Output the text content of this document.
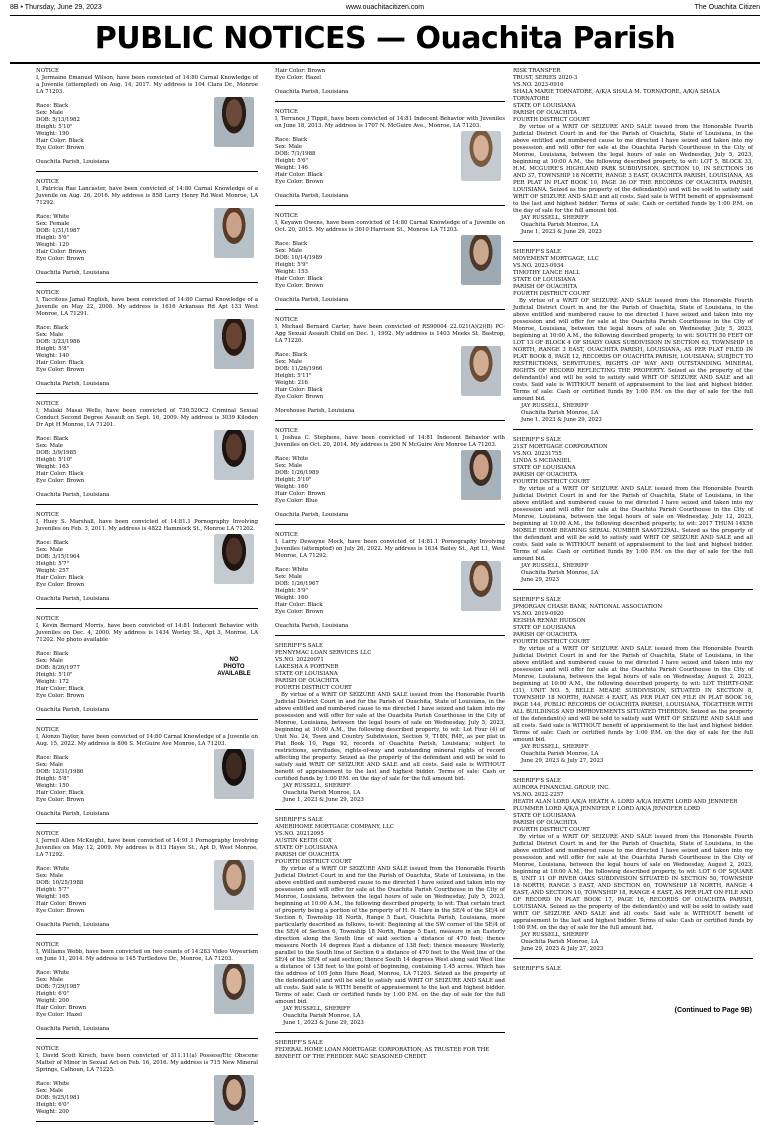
8B • Thursday, June 29, 2023	www.ouachitacitizen.com	The Ouachita Citizen
PUBLIC NOTICES — Ouachita Parish
NOTICE
I, Jermaine Emanuel Wilson, have been convicted of 14:80 Carnal Knowledge of a Juvenile (attempted) on Aug. 14, 2017. My address is 104 Clara Dr., Monroe LA 71203.
Race: Black
Sex: Male
DOB: 5/13/1982
Height: 5'10"
Weight: 190
Hair Color: Black
Eye Color: Brown
Ouachita Parish, Louisiana
NOTICE
I, Patricia Rae Lancaster, have been convicted of 14:80 Carnal Knowledge of a Juvenile on Aug. 26, 2016. My address is 858 Larry Henry Rd West Monroe, LA 71292.
Race: White
Sex: Female
DOB: 1/31/1987
Height: 5'6"
Weight: 120
Hair Color: Brown
Eye Color: Brown
Ouachita Parish, Louisiana
NOTICE
I, Taccitous Jamal English, have been convicted of 14:80 Carnal Knowledge of a Juvenile on May 22, 2008. My address is 1616 Arkansas Rd Apt 133 West Monroe, LA 71291.
Race: Black
Sex: Male
DOB: 3/23/1986
Height: 5'8"
Weight: 140
Hair Color: Black
Eye Color: Brown
Ouachita Parish, Louisiana
NOTICE
I, Malaki Masai Wells, have been convicted of 730.520C2 Criminal Sexual Conduct Second Degree Assault on Sept. 16, 2009. My address is 3039 Kiloden Dr Apt H Monroe, LA 71201.
Race: Black
Sex: Male
DOB: 3/9/1985
Height: 5'10"
Weight: 163
Hair Color: Black
Eye Color: Brown
Ouachita Parish, Louisiana
NOTICE
I, Huey S. Marshall, have been convicted of 14:81.1 Pornography Involving Juveniles on Feb. 3, 2011. My address is 4822 Hammock St., Monroe LA 71202.
Race: Black
Sex: Male
DOB: 3/15/1964
Height: 5'7"
Weight: 257
Hair Color: Black
Eye Color: Brown
Ouachita Parish, Louisiana
NOTICE
I, Kevin Bernard Morris, have been convicted of 14:81 Indecent Behavior with Juveniles on Dec. 4, 2000. My address is 1434 Worley St., Apt 3, Monroe, LA 71202. No photo available
Race: Black
Sex: Male
DOB: 8/26/1977
Height: 5'10"
Weight: 172
Hair Color: Black
Eye Color: Brown
NO
PHOTO
AVAILABLE
Ouachita Parish, Louisiana
NOTICE
I, Alonzo Taylor, have been convicted of 14:80 Carnal Knowledge of a Juvenile on Aug. 15, 2022. My address is 806 S. McGuire Ave Monroe, LA 71203.
Race: Black
Sex: Male
DOB: 12/31/1986
Height: 5'8"
Weight: 150
Hair Color: Black
Eye Color: Brown
Ouachita Parish, Louisiana
NOTICE
I, Jerrell Allen McKnight, have been convicted of 14:91.1 Pornography Involving Juveniles on May 12, 2009. My address is 813 Hayes St., Apt D, West Monroe, LA 71292.
Race: White
Sex: Male
DOB: 10/25/1988
Height: 5'7"
Weight: 165
Hair Color: Brown
Eye Color: Brown
Ouachita Parish, Louisiana
NOTICE
I, Williams Webb, have been convicted on two counts of 14:283 Video Voyeurism on June 11, 2014. My address is 145 Turtledove Dr., Monroe, LA 71203.
Race: White
Sex: Male
DOB: 7/29/1987
Height: 6'0"
Weight: 200
Hair Color: Brown
Eye Color: Hazel
Ouachita Parish, Louisiana
NOTICE
I, David Scott Kirsch, have been convicted of 311.11(a) Possess/Etc Obscene Matter of Minor in Sexual Act on Feb. 16, 2016. My address is 715 New Mineral Springs, Calhoun, LA 71225.
Race: White
Sex: Male
DOB: 9/25/1981
Height: 6'0"
Weight: 200
Hair Color: Brown
Eye Color: Hazel
Ouachita Parish, Louisiana
NOTICE
I, Terrance J Tippit, have been convicted of 14:81 Indecent Behavior with Juveniles on June 18, 2013. My address is 1707 N. McGuire Ave., Monroe, LA 71203.
Race: Black
Sex: Male
DOB: 7/1/1988
Height: 5'6"
Weight: 146
Hair Color: Black
Eye Color: Brown
Ouachita Parish, Louisiana
NOTICE
I, Keyawn Owens, have been convicted of 14:80 Carnal Knowledge of a Juvenile on Oct. 20, 2015. My address is 3610 Harrison St., Monroe LA 71203.
Race: Black
Sex: Male
DOB: 10/14/1989
Height: 5'9"
Weight: 153
Hair Color: Black
Eye Color: Brown
Ouachita Parish, Louisiana
NOTICE
I, Michael Bernard Carter, have been convicted of RS90004 22.021(A)(2)(B) PC-Agg Sexual Assault Child on Dec. 1, 1992. My address is 1403 Meeks St. Bastrop, LA 71220.
Race: Black
Sex: Male
DOB: 11/26/1966
Height: 5'11"
Weight: 216
Hair Color: Black
Eye Color: Brown
Morehouse Parish, Louisiana
NOTICE
I, Joshua C. Stephens, have been convicted of 14:81 Indecent Behavior with Juveniles on Oct. 20, 2014. My address is 200 N McGuire Ave Monroe LA 71203.
Race: White
Sex: Male
DOB: 1/26/1989
Height: 5'10"
Weight: 160
Hair Color: Brown
Eye Color: Blue
Ouachita Parish, Louisiana
NOTICE
I, Larry Dewayne Mock, have been convicted of 14:81.1 Pornography Involving Juveniles (attempted) on July 26, 2022. My address is 1634 Bailey St., Apt L1, West Monroe, LA 71292.
Race: White
Sex: Male
DOB: 1/26/1967
Height: 5'9"
Weight: 160
Hair Color: Black
Eye Color: Brown
Ouachita Parish, Louisiana
SHERIFF'S SALE
PENNYMAC LOAN SERVICES LLC
VS.NO. 20220071
LAKESHA A PORTNER
STATE OF LOUISIANA
PARISH OF OUACHITA
FOURTH DISTRICT COURT
By virtue of a WRIT OF SEIZURE AND SALE issued from the Honorable Fourth Judicial District Court in and for the Parish of Ouachita, State of Louisiana, in the above entitled and numbered cause to me directed I have seized and taken into my possession and will offer for sale at the Ouachita Parish Courthouse in the City of Monroe, Louisiana, between the legal hours of sale on Wednesday, July 5, 2023, beginning at 10:00 A.M., the following described property, to wit: Lot Four (4) of Unit No. 24, Town and Country Subdivision, Section 9, T18N, R4E, as per plat in Plat Book 10, Page 92, records of Ouachita Parish, Louisiana; subject to restrictions, servitudes, rights-of-way and outstanding mineral rights of record affecting the property. Seized as the property of the defendant and will be sold to satisfy said WRIT OF SEIZURE AND SALE and all costs. Said sale is WITHOUT benefit of appraisement to the last and highest bidder. Terms of sale: Cash or certified funds by 1:00 P.M. on the day of sale for the full amount bid.
JAY RUSSELL, SHERIFF
Ouachita Parish Monroe, LA
June 1, 2023 & June 29, 2023
SHERIFF'S SALE
AMERIHOME MORTGAGE COMPANY, LLC
VS.NO. 20212095
AUSTIN KEITH COX
STATE OF LOUISIANA
PARISH OF OUACHITA
FOURTH DISTRICT COURT
By virtue of a WRIT OF SEIZURE AND SALE issued from the Honorable Fourth Judicial District Court in and for the Parish of Ouachita, State of Louisiana, in the above entitled and numbered cause to me directed I have seized and taken into my possession and will offer for sale at the Ouachita Parish Courthouse in the City of Monroe, Louisiana, between the legal hours of sale on Wednesday, July 5, 2023, beginning at 10:00 A.M., the following described property, to wit: That certain tract of property being a portion of the property of H. N. Hare in the SE/4 of the SE/4 of Section 6, Township 18 North, Range 5 East, Ouachita Parish, Louisiana, more particularly described as follows, to-wit: Beginning at the SW corner of the SE/4 of the SE/4 of Section 6, Township 18 North, Range 5 East, measure in an Easterly direction along the South line of said section a distance of 470 feet; thence measure North 14 degrees East a distance of 138 feet; thence measure Westerly, parallel to the South line of Section 6 a distance of 470 feet to the West line of the SE/4 of the SE/4 of said section; thence South 14 degrees West along said West line a distance of 138 feet to the point of beginning, containing 1.45 acres. Which has the address of 105 John Hare Road, Monroe, LA 71203. Seized as the property of the defendant(s) and will be sold to satisfy said WRIT OF SEIZURE AND SALE and all costs. Said sale is WITH benefit of appraisement to the last and highest bidder. Terms of sale: Cash or certified funds by 1:00 P.M. on the day of sale for the full amount bid.
JAY RUSSELL, SHERIFF
Ouachita Parish Monroe, LA
June 1, 2023 & June 29, 2023
SHERIFF'S SALE
FEDERAL HOME LOAN MORTGAGE CORPORATION, AS TRUSTEE FOR THE BENEFIT OF THE FREDDIE MAC SEASONED CREDIT
RISK TRANSFER
TRUST, SERIES 2020-3
VS.NO. 2023-0916
SHALA MARIE TORNATORE, A/K/A SHALA M. TORNATORE, A/K/A SHALA TORNATORE
STATE OF LOUISIANA
PARISH OF OUACHITA
FOURTH DISTRICT COURT
By virtue of a WRIT OF SEIZURE AND SALE issued from the Honorable Fourth Judicial District Court in and for the Parish of Ouachita, State of Louisiana, in the above entitled and numbered cause to me directed I have seized and taken into my possession and will offer for sale at the Ouachita Parish Courthouse in the City of Monroe, Louisiana, between the legal hours of sale on Wednesday, July 5, 2023, beginning at 10:00 A.M., the following described property, to wit: LOT 5, BLOCK 33, H.M. MCGUIRE'S HIGHLAND PARK SUBDIVISION, SECTION 10, IN SECTIONS 36 AND 37, TOWNSHIP 18 NORTH, RANGE 3 EAST, OUACHITA PARISH, LOUISIANA, AS PER PLAT IN PLAT BOOK 10, PAGE 36 OF THE RECORDS OF OUACHITA PARISH, LOUISIANA. Seized as the property of the defendant(s) and will be sold to satisfy said WRIT OF SEIZURE AND SALE and all costs. Said sale is WITH benefit of appraisement to the last and highest bidder. Terms of sale: Cash or certified funds by 1:00 P.M. on the day of sale for the full amount bid.
JAY RUSSELL, SHERIFF
Ouachita Parish Monroe, LA
June 1, 2023 & June 29, 2023
SHERIFF'S SALE
MOVEMENT MORTGAGE, LLC
VS.NO. 2023-0934
TIMOTHY LANCE HALL
STATE OF LOUISIANA
PARISH OF OUACHITA
FOURTH DISTRICT COURT
By virtue of a WRIT OF SEIZURE AND SALE issued from the Honorable Fourth Judicial District Court in and for the Parish of Ouachita, State of Louisiana, in the above entitled and numbered cause to me directed I have seized and taken into my possession and will offer for sale at the Ouachita Parish Courthouse in the City of Monroe, Louisiana, between the legal hours of sale on Wednesday, July 5, 2023, beginning at 10:00 A.M., the following described property, to wit: SOUTH 50 FEET OF LOT 13 OF BLOCK 4 OF SHADY OAKS SUBDIVISION IN SECTION 63, TOWNSHIP 18 NORTH, RANGE 3 EAST, OUACHITA PARISH, LOUISIANA, AS PER PLAT FILED IN PLAT BOOK 8, PAGE 12, RECORDS OF OUACHITA PARISH, LOUISIANA; SUBJECT TO RESTRICTIONS, SERVITUDES, RIGHTS OF WAY AND OUTSTANDING MINERAL RIGHTS OF RECORD REFLECTING THE PROPERTY. Seized as the property of the defendant(s) and will be sold to satisfy said WRIT OF SEIZURE AND SALE and all costs. Said sale is WITHOUT benefit of appraisement to the last and highest bidder. Terms of sale: Cash or certified funds by 1:00 P.M. on the day of sale for the full amount bid.
JAY RUSSELL, SHERIFF
Ouachita Parish Monroe, LA
June 1, 2023 & June 29, 2023
SHERIFF'S SALE
21ST MORTGAGE CORPORATION
VS.NO. 20231755
LINDA S MCDANIEL
STATE OF LOUISIANA
PARISH OF OUACHITA
FOURTH DISTRICT COURT
By virtue of a WRIT OF SEIZURE AND SALE issued from the Honorable Fourth Judicial District Court in and for the Parish of Ouachita, State of Louisiana, in the above entitled and numbered cause to me directed I have seized and taken into my possession and will offer for sale at the Ouachita Parish Courthouse in the City of Monroe, Louisiana, between the legal hours of sale on Wednesday, July 12, 2023, beginning at 10:00 A.M., the following described property, to wit: 2017 THUM 14X56 MOBILE HOME BEARING SERIAL NUMBER SAA07229AL. Seized as the property of the defendant and will be sold to satisfy said WRIT OF SEIZURE AND SALE and all costs. Said sale is WITHOUT benefit of appraisement to the last and highest bidder. Terms of sale: Cash or certified funds by 1:00 P.M. on the day of sale for the full amount bid.
JAY RUSSELL, SHERIFF
Ouachita Parish Monroe, LA
June 29, 2023
SHERIFF'S SALE
JPMORGAN CHASE BANK, NATIONAL ASSOCIATION
VS.NO. 2019-0920
KEISHA RENAE HUDSON
STATE OF LOUISIANA
PARISH OF OUACHITA
FOURTH DISTRICT COURT
By virtue of a WRIT OF SEIZURE AND SALE issued from the Honorable Fourth Judicial District Court in and for the Parish of Ouachita, State of Louisiana, in the above entitled and numbered cause to me directed I have seized and taken into my possession and will offer for sale at the Ouachita Parish Courthouse in the City of Monroe, Louisiana, between the legal hours of sale on Wednesday, August 2, 2023, beginning at 10:00 A.M., the following described property, to wit: LOT THIRTY-ONE (31), UNIT NO. 5, BELLE MEADE SUBDIVISION, SITUATED IN SECTION 8, TOWNSHIP 18 NORTH, RANGE 4 EAST, AS PER PLAT ON FILE IN PLAT BOOK 16, PAGE 144, PUBLIC RECORDS OF OUACHITA PARISH, LOUISIANA, TOGETHER WITH ALL BUILDINGS AND IMPROVEMENTS SITUATED THEREON. Seized as the property of the defendant(s) and will be sold to satisfy said WRIT OF SEIZURE AND SALE and all costs. Said sale is WITHOUT benefit of appraisement to the last and highest bidder. Terms of sale: Cash or certified funds by 1:00 P.M. on the day of sale for the full amount bid.
JAY RUSSELL, SHERIFF
Ouachita Parish Monroe, LA
June 29, 2023 & July 27, 2023
SHERIFF'S SALE
AURORA FINANCIAL GROUP, INC.
VS.NO. 2022-2257
HEATH ALAN LORD A/K/A HEATH A. LORD A/K/A HEATH LORD AND JENNIFER PLUMMER LORD A/K/A JENNIFER P. LORD A/K/A JENNIFER LORD
STATE OF LOUISIANA
PARISH OF OUACHITA
FOURTH DISTRICT COURT
By virtue of a WRIT OF SEIZURE AND SALE issued from the Honorable Fourth Judicial District Court in and for the Parish of Ouachita, State of Louisiana, in the above entitled and numbered cause to me directed I have seized and taken into my possession and will offer for sale at the Ouachita Parish Courthouse in the City of Monroe, Louisiana, between the legal hours of sale on Wednesday, August 2, 2023, beginning at 10:00 A.M., the following described property, to wit: LOT 6 OF SQUARE B, UNIT 11 OF RIVER OAKS SUBDIVISION SITUATED IN SECTION 50, TOWNSHIP 18 NORTH, RANGE 3 EAST, AND SECTION 60, TOWNSHIP 18 NORTH, RANGE 4 EAST, AND SECTION 10, TOWNSHIP 18, RANGE 4 EAST, AS PER PLAT ON FILE AND OF RECORD IN PLAT BOOK 17, PAGE 16, RECORDS OF OUACHITA PARISH, LOUISIANA. Seized as the property of the defendant(s) and will be sold to satisfy said WRIT OF SEIZURE AND SALE and all costs. Said sale is WITHOUT benefit of appraisement to the last and highest bidder. Terms of sale: Cash or certified funds by 1:00 P.M. on the day of sale for the full amount bid.
JAY RUSSELL, SHERIFF
Ouachita Parish Monroe, LA
June 29, 2023 & July 27, 2023
SHERIFF'S SALE
(Continued to Page 9B)
